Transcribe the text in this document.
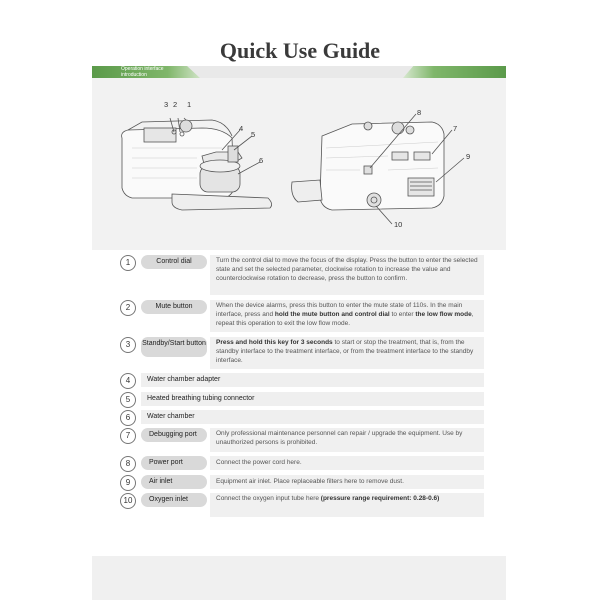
Quick Use Guide
Operation interface introduction
3 2 1
4
5
6
8
7
9
10
1	Control dial	Turn the control dial to move the focus of the display. Press the button to enter the selected state and set the selected parameter, clockwise rotation to increase the value and counterclockwise rotation to decrease, press the button to confirm.
2	Mute button	When the device alarms, press this button to enter the mute state of 110s. In the main interface, press and hold the mute button and control dial to enter the low flow mode, repeat this operation to exit the low flow mode.
3	Standby/Start button	Press and hold this key for 3 seconds to start or stop the treatment, that is, from the standby interface to the treatment interface, or from the treatment interface to the standby interface.
4	Water chamber adapter
5	Heated breathing tubing connector
6	Water chamber
7	Debugging port	Only professional maintenance personnel can repair / upgrade the equipment. Use by unauthorized persons is prohibited.
8	Power port	Connect the power cord here.
9	Air inlet	Equipment air inlet. Place replaceable filters here to remove dust.
10	Oxygen inlet	Connect the oxygen input tube here (pressure range requirement: 0.28-0.6)
